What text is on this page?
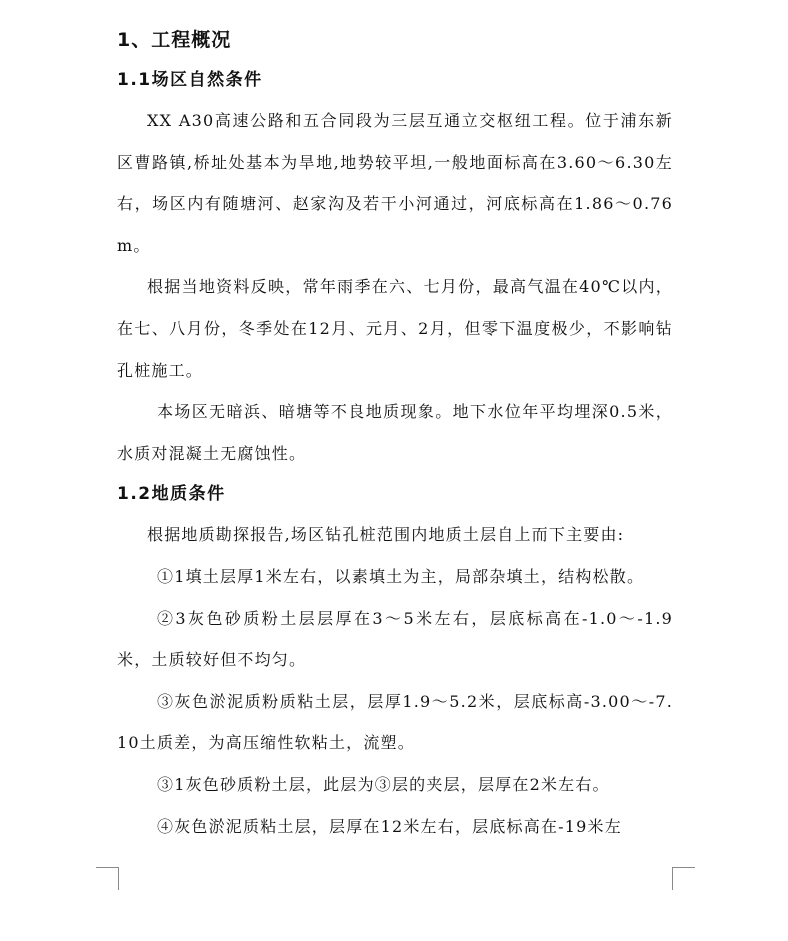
1、工程概况

1.1场区自然条件

XX A30高速公路和五合同段为三层互通立交枢纽工程。位于浦东新区曹路镇,桥址处基本为旱地,地势较平坦,一般地面标高在3.60～6.30左右，场区内有随塘河、赵家沟及若干小河通过，河底标高在1.86～0.76m。

根据当地资料反映，常年雨季在六、七月份，最高气温在40℃以内，在七、八月份，冬季处在12月、元月、2月，但零下温度极少，不影响钻孔桩施工。

本场区无暗浜、暗塘等不良地质现象。地下水位年平均埋深0.5米，水质对混凝土无腐蚀性。

1.2地质条件

根据地质勘探报告,场区钻孔桩范围内地质土层自上而下主要由:

①1填土层厚1米左右，以素填土为主，局部杂填土，结构松散。

②3灰色砂质粉土层层厚在3～5米左右，层底标高在-1.0～-1.9米，土质较好但不均匀。

③灰色淤泥质粉质粘土层，层厚1.9～5.2米，层底标高-3.00～-7.10土质差，为高压缩性软粘土，流塑。

③1灰色砂质粉土层，此层为③层的夹层，层厚在2米左右。

④灰色淤泥质粘土层，层厚在12米左右，层底标高在-19米左
